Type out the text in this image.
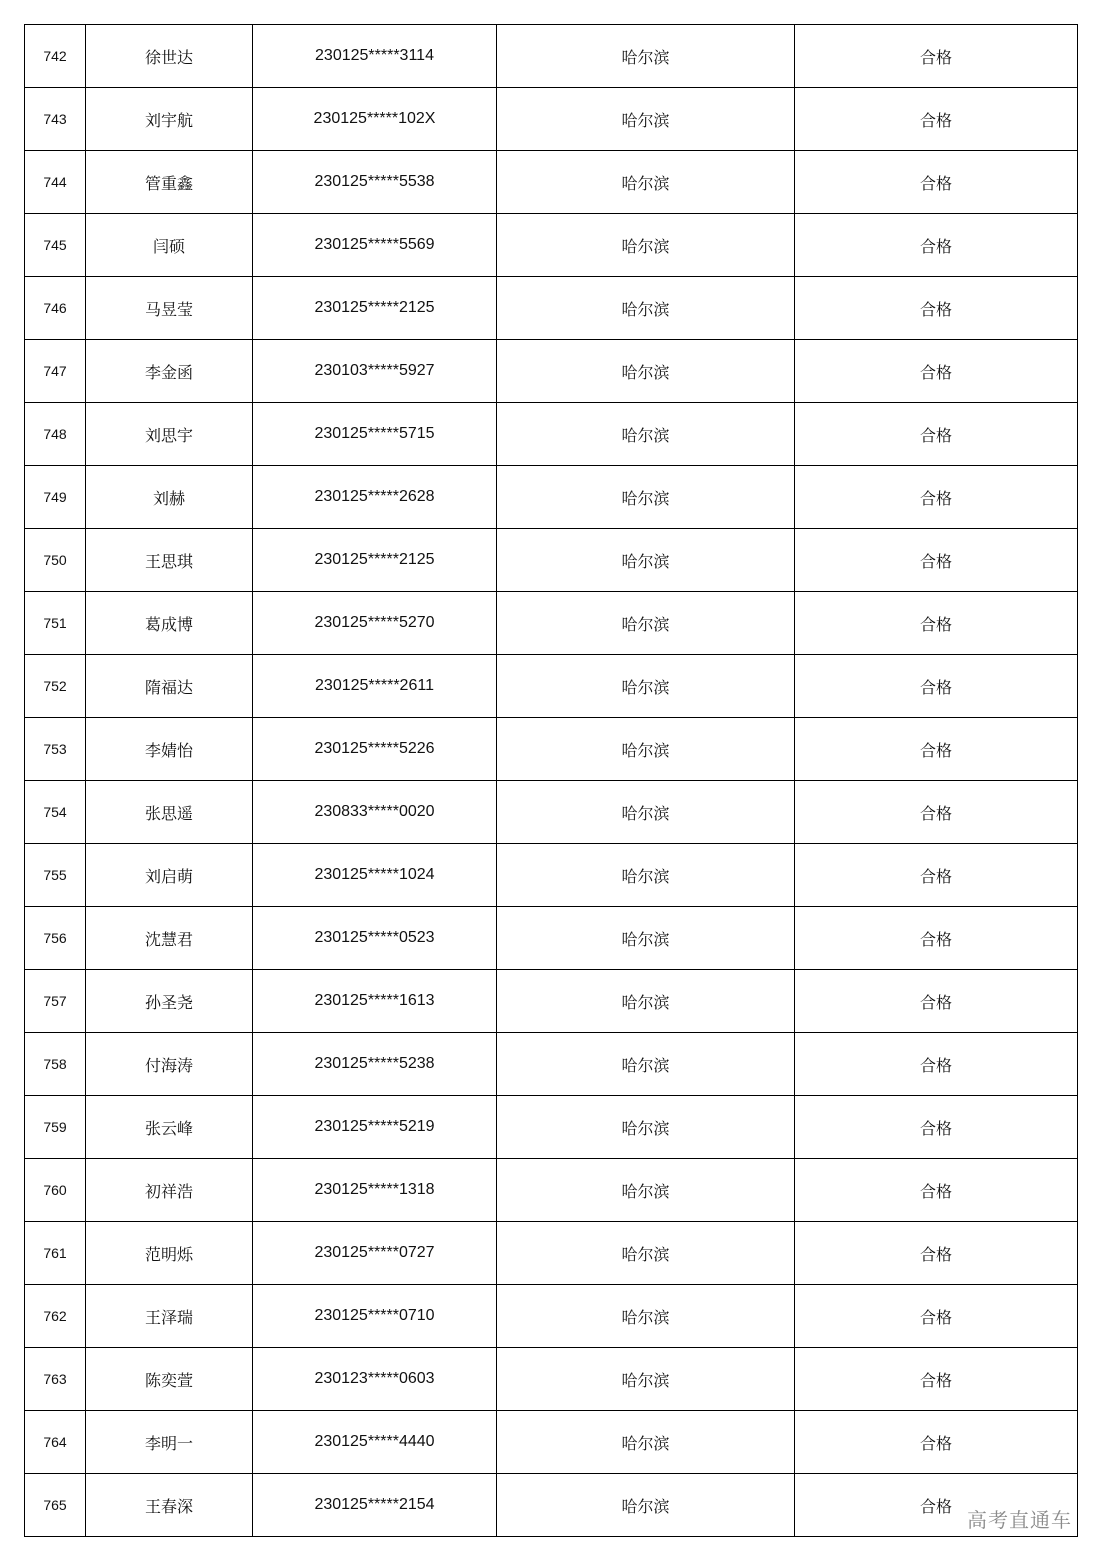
742	徐世达	230125*****3114	哈尔滨	合格
743	刘宇航	230125*****102X	哈尔滨	合格
744	管重鑫	230125*****5538	哈尔滨	合格
745	闫硕	230125*****5569	哈尔滨	合格
746	马昱莹	230125*****2125	哈尔滨	合格
747	李金函	230103*****5927	哈尔滨	合格
748	刘思宇	230125*****5715	哈尔滨	合格
749	刘赫	230125*****2628	哈尔滨	合格
750	王思琪	230125*****2125	哈尔滨	合格
751	葛成博	230125*****5270	哈尔滨	合格
752	隋福达	230125*****2611	哈尔滨	合格
753	李婧怡	230125*****5226	哈尔滨	合格
754	张思遥	230833*****0020	哈尔滨	合格
755	刘启萌	230125*****1024	哈尔滨	合格
756	沈慧君	230125*****0523	哈尔滨	合格
757	孙圣尧	230125*****1613	哈尔滨	合格
758	付海涛	230125*****5238	哈尔滨	合格
759	张云峰	230125*****5219	哈尔滨	合格
760	初祥浩	230125*****1318	哈尔滨	合格
761	范明烁	230125*****0727	哈尔滨	合格
762	王泽瑞	230125*****0710	哈尔滨	合格
763	陈奕萱	230123*****0603	哈尔滨	合格
764	李明一	230125*****4440	哈尔滨	合格
765	王春深	230125*****2154	哈尔滨	合格
高考直通车
